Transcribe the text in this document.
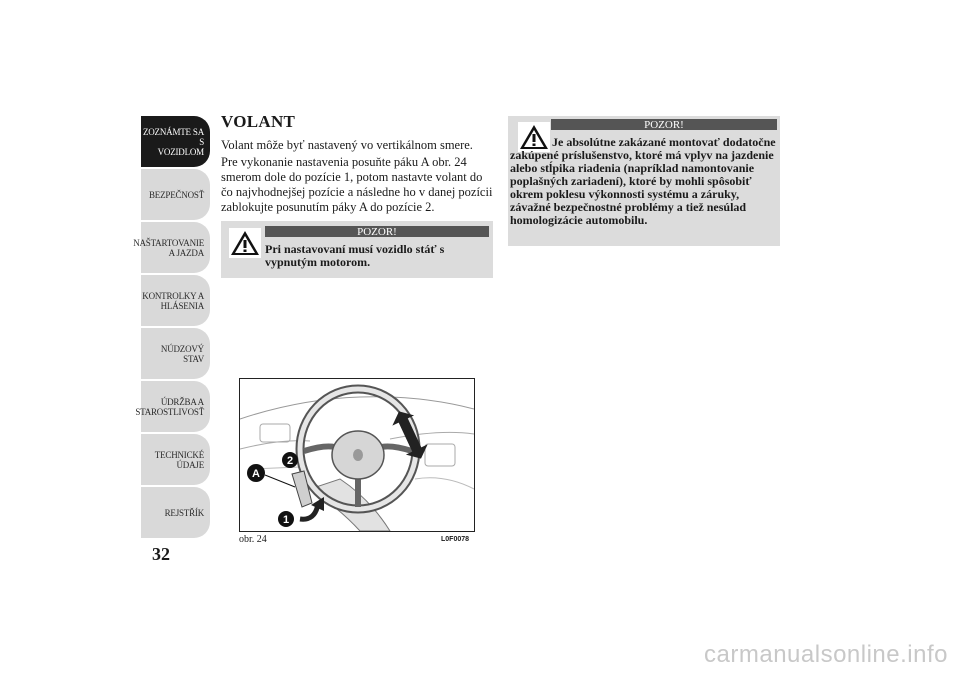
ZOZNÁMTE SA S
VOZIDLOM
BEZPEČNOSŤ
NAŠTARTOVANIE
A JAZDA
KONTROLKY A
HLÁSENIA
NÚDZOVÝ STAV
ÚDRŽBA A
STAROSTLIVOSŤ
TECHNICKÉ
ÚDAJE
REJSTŘÍK
32
VOLANT
Volant môže byť nastavený vo vertikálnom smere.
Pre vykonanie nastavenia posuňte páku A obr. 24 smerom dole do pozície 1, potom nastavte volant do čo najvhodnejšej pozície a následne ho v danej pozícii zablokujte posunutím páky A do pozície 2.
POZOR!
Pri nastavovaní musí vozidlo stáť s vypnutým motorom.
POZOR!
Je absolútne zakázané montovať dodatočne zakúpené príslušenstvo, ktoré má vplyv na jazdenie alebo stĺpika riadenia (napríklad namontovanie poplašných zariadení), ktoré by mohli spôsobiť okrem poklesu výkonnosti systému a záruky, závažné bezpečnostné problémy a tiež nesúlad homologizácie automobilu.
A
2
1
obr. 24	L0F0078
carmanualsonline.info
